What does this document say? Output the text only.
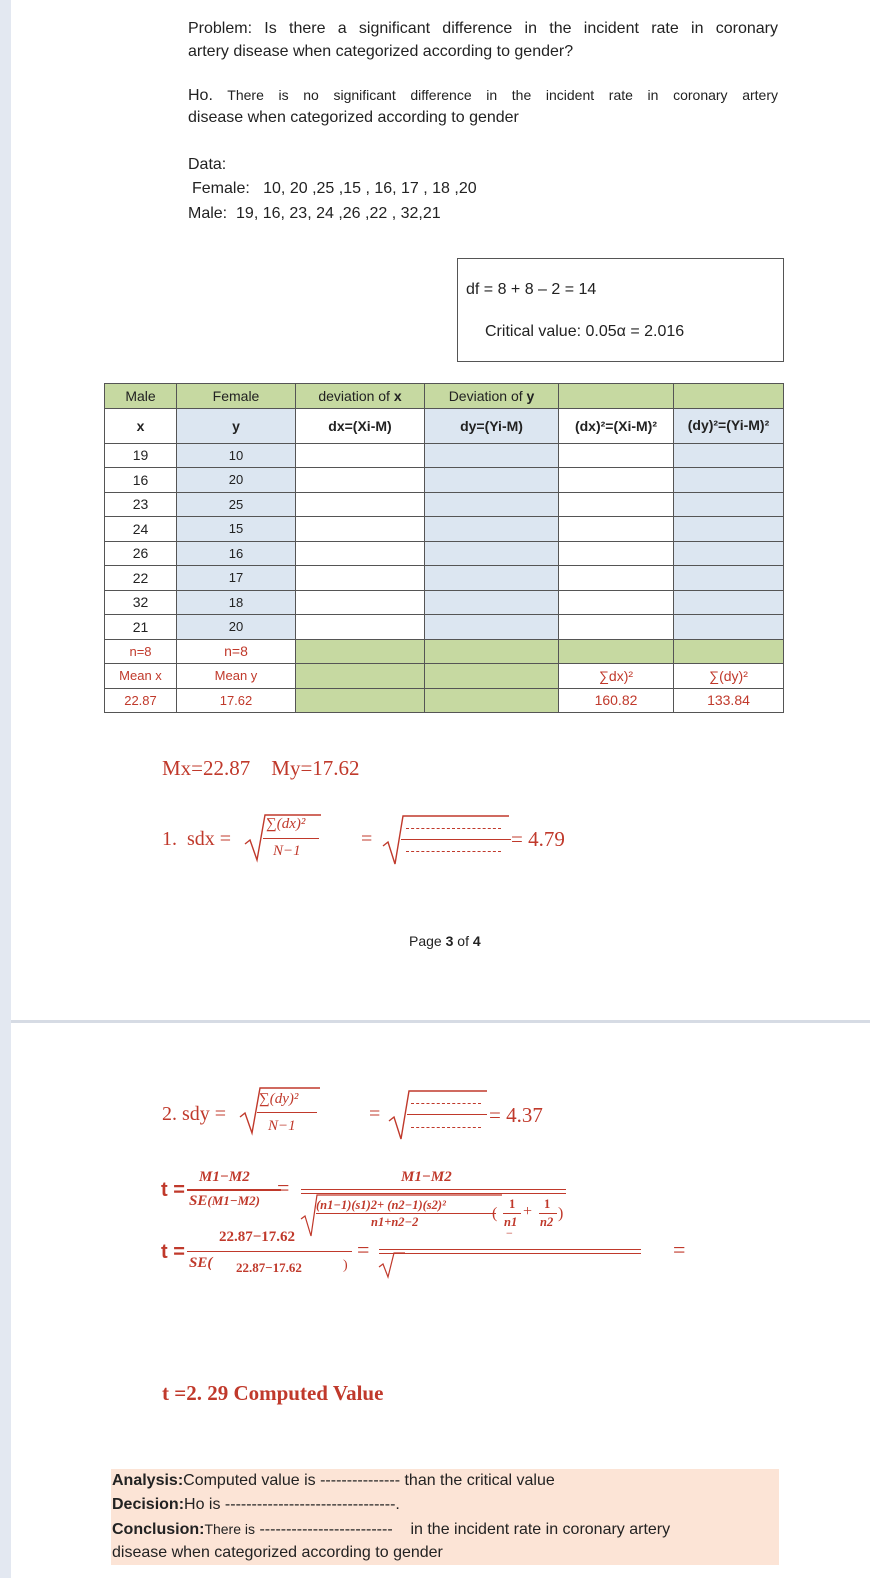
Problem: Is there a significant difference in the incident rate in coronary
artery disease when categorized according to gender?
Ho. There is no significant difference in the incident rate in coronary artery
disease when categorized according to gender
Data:
Female:   10, 20 ,25 ,15 , 16, 17 , 18 ,20
Male:  19, 16, 23, 24 ,26 ,22 , 32,21
df = 8 + 8 – 2 = 14
Critical value: 0.05α = 2.016
Male	Female	deviation of x	Deviation of y		
x	y	dx=(Xi-M)	dy=(Yi-M)	(dx)²=(Xi-M)²	(dy)²=(Yi-M)²
19	10				
16	20				
23	25				
24	15				
26	16				
22	17				
32	18				
21	20				
n=8	n=8				
Mean x	Mean y			∑dx)²	∑(dy)²
22.87	17.62			160.82	133.84
Mx=22.87    My=17.62
1.  sdx =
∑(dx)²
N−1
=	= 4.79
Page 3 of 4
2. sdy =
∑(dy)²
N−1
=	= 4.37
t =
M1−M2
SE(M1−M2)
=	M1−M2
(n1−1)(s1)2+ (n2−1)(s2)²
n1+n2−2	(
1
n1
+ 1
n2 )
−
t =
22.87−17.62
SE( 22.87−17.62	)
=	=
t =2. 29 Computed Value
Analysis:Computed value is --------------- than the critical value
Decision:Ho is --------------------------------.
Conclusion:There is -------------------------    in the incident rate in coronary artery
disease when categorized according to gender
